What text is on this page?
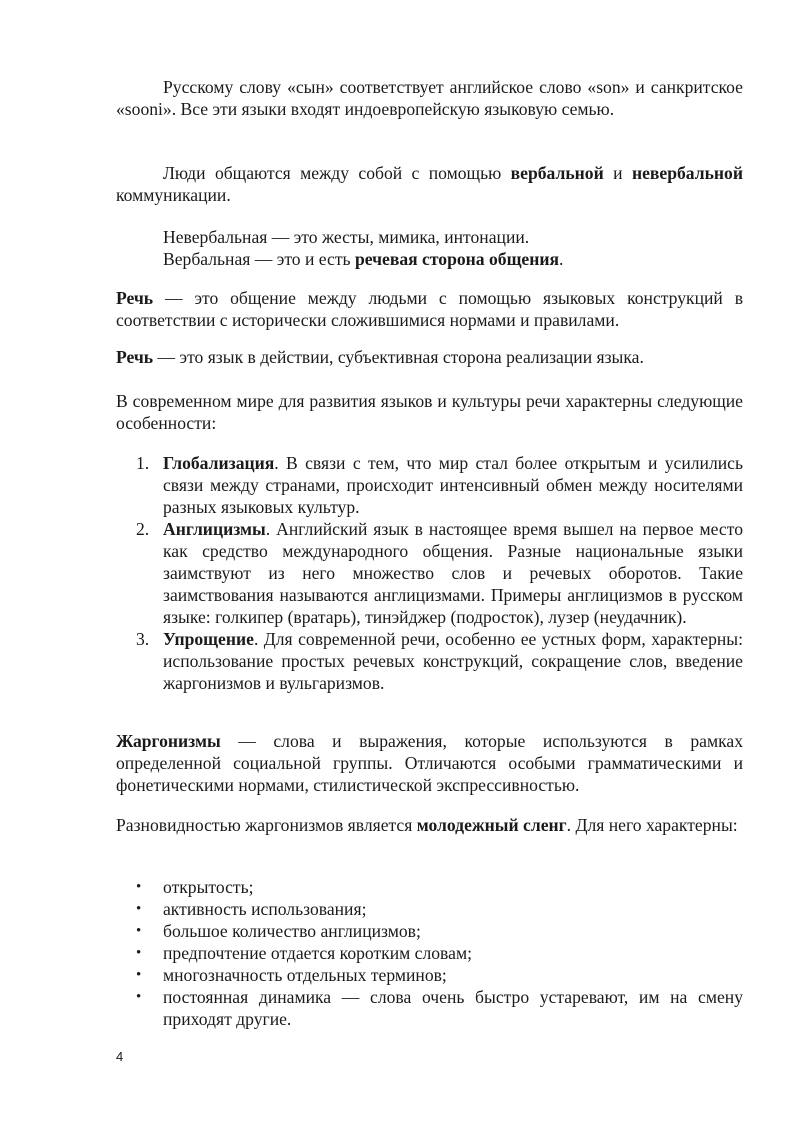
Русскому слову «сын» соответствует английское слово «son» и санкритское «sooni». Все эти языки входят индоевропейскую языковую семью.

Люди общаются между собой с помощью вербальной и невербальной коммуникации.

Невербальная — это жесты, мимика, интонации.
Вербальная — это и есть речевая сторона общения.

Речь — это общение между людьми с помощью языковых конструкций в соответствии с исторически сложившимися нормами и правилами.

Речь — это язык в действии, субъективная сторона реализации языка.

В современном мире для развития языков и культуры речи характерны следующие особенности:

1. Глобализация. В связи с тем, что мир стал более открытым и усилились связи между странами, происходит интенсивный обмен между носителями разных языковых культур.
2. Англицизмы. Английский язык в настоящее время вышел на первое место как средство международного общения. Разные национальные языки заимствуют из него множество слов и речевых оборотов. Такие заимствования называются англицизмами. Примеры англицизмов в русском языке: голкипер (вратарь), тинэйджер (подросток), лузер (неудачник).
3. Упрощение. Для современной речи, особенно ее устных форм, характерны: использование простых речевых конструкций, сокращение слов, введение жаргонизмов и вульгаризмов.

Жаргонизмы — слова и выражения, которые используются в рамках определенной социальной группы. Отличаются особыми грамматическими и фонетическими нормами, стилистической экспрессивностью.

Разновидностью жаргонизмов является молодежный сленг. Для него характерны:

• открытость;
• активность использования;
• большое количество англицизмов;
• предпочтение отдается коротким словам;
• многозначность отдельных терминов;
• постоянная динамика — слова очень быстро устаревают, им на смену приходят другие.
4
